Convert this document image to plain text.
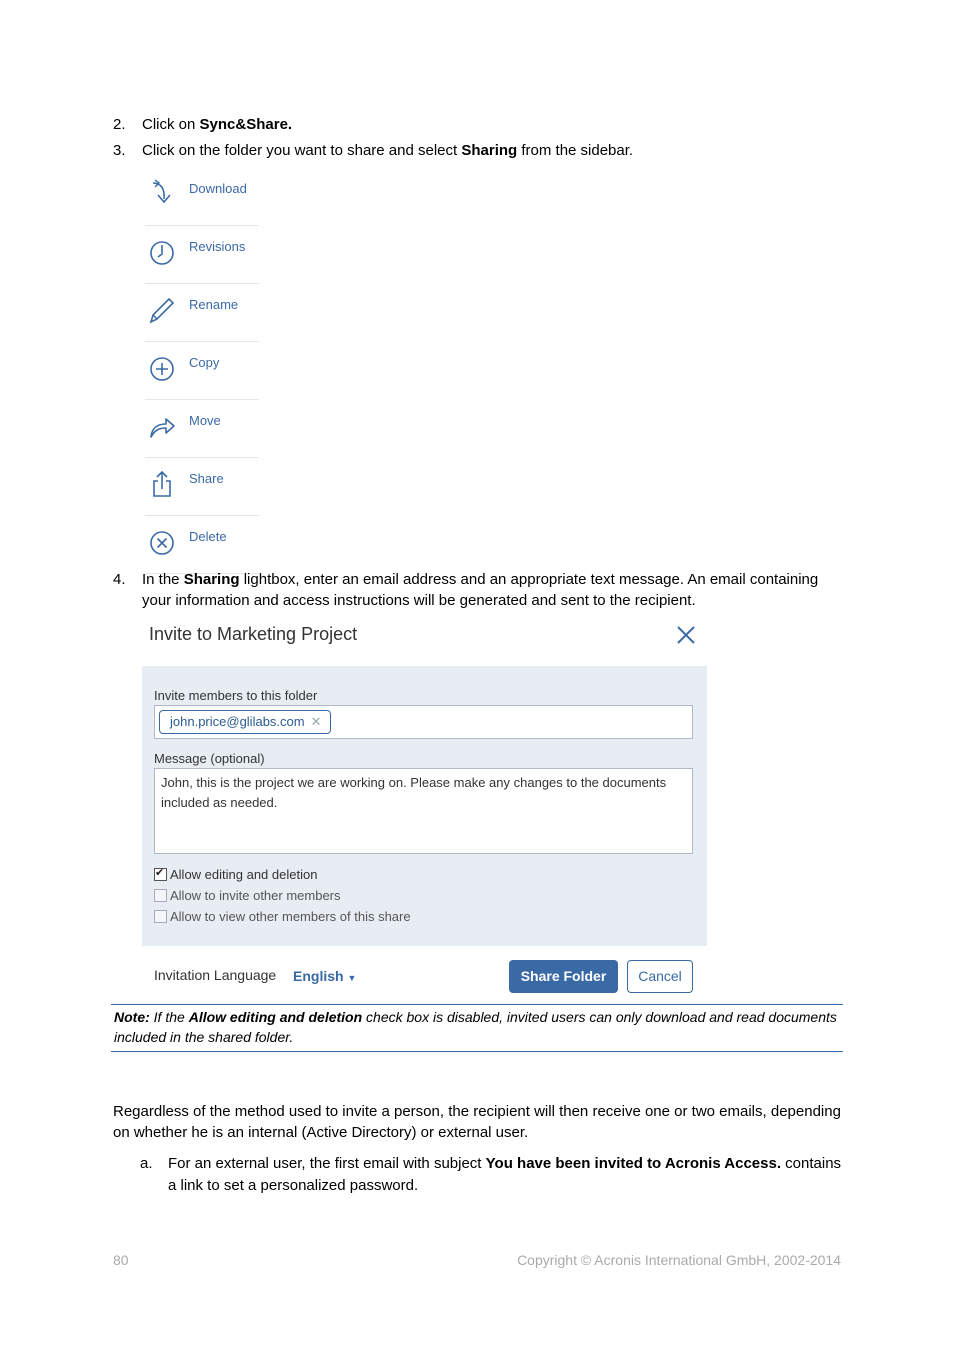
2.	Click on Sync&Share.
3.	Click on the folder you want to share and select Sharing from the sidebar.
Download
Revisions
Rename
Copy
Move
Share
Delete
4.	In the Sharing lightbox, enter an email address and an appropriate text message. An email containing your information and access instructions will be generated and sent to the recipient.
Invite to Marketing Project
Invite members to this folder
john.price@glilabs.com ✕
Message (optional)
John, this is the project we are working on. Please make any changes to the documents included as needed.
✔
Allow editing and deletion
Allow to invite other members
Allow to view other members of this share
Invitation Language English ▼	Share Folder	Cancel
Note: If the Allow editing and deletion check box is disabled, invited users can only download and read documents included in the shared folder.
Regardless of the method used to invite a person, the recipient will then receive one or two emails, depending on whether he is an internal (Active Directory) or external user.
a. For an external user, the first email with subject You have been invited to Acronis Access. contains a link to set a personalized password.
80	Copyright © Acronis International GmbH, 2002-2014
